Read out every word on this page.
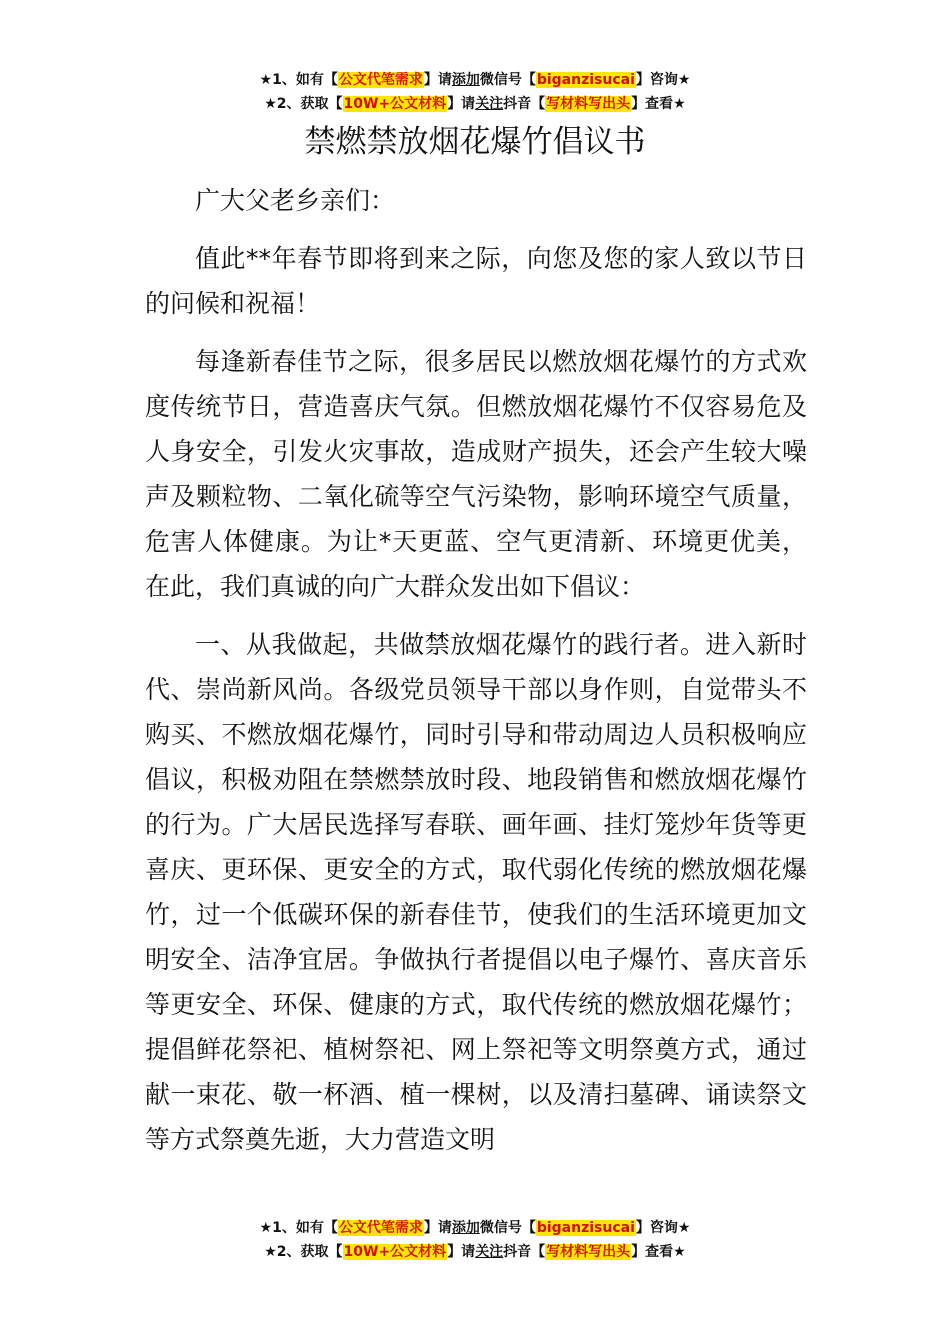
★1、如有【公文代笔需求】请添加微信号【biganzisucai】咨询★
★2、获取【10W+公文材料】请关注抖音【写材料写出头】查看★
禁燃禁放烟花爆竹倡议书

广大父老乡亲们：

值此**年春节即将到来之际，向您及您的家人致以节日的问候和祝福！

每逢新春佳节之际，很多居民以燃放烟花爆竹的方式欢度传统节日，营造喜庆气氛。但燃放烟花爆竹不仅容易危及人身安全，引发火灾事故，造成财产损失，还会产生较大噪声及颗粒物、二氧化硫等空气污染物，影响环境空气质量，危害人体健康。为让*天更蓝、空气更清新、环境更优美，在此，我们真诚的向广大群众发出如下倡议：

一、从我做起，共做禁放烟花爆竹的践行者。进入新时代、崇尚新风尚。各级党员领导干部以身作则，自觉带头不购买、不燃放烟花爆竹，同时引导和带动周边人员积极响应倡议，积极劝阻在禁燃禁放时段、地段销售和燃放烟花爆竹的行为。广大居民选择写春联、画年画、挂灯笼炒年货等更喜庆、更环保、更安全的方式，取代弱化传统的燃放烟花爆竹，过一个低碳环保的新春佳节，使我们的生活环境更加文明安全、洁净宜居。争做执行者提倡以电子爆竹、喜庆音乐等更安全、环保、健康的方式，取代传统的燃放烟花爆竹；提倡鲜花祭祀、植树祭祀、网上祭祀等文明祭奠方式，通过献一束花、敬一杯酒、植一棵树，以及清扫墓碑、诵读祭文等方式祭奠先逝，大力营造文明

★1、如有【公文代笔需求】请添加微信号【biganzisucai】咨询★
★2、获取【10W+公文材料】请关注抖音【写材料写出头】查看★
